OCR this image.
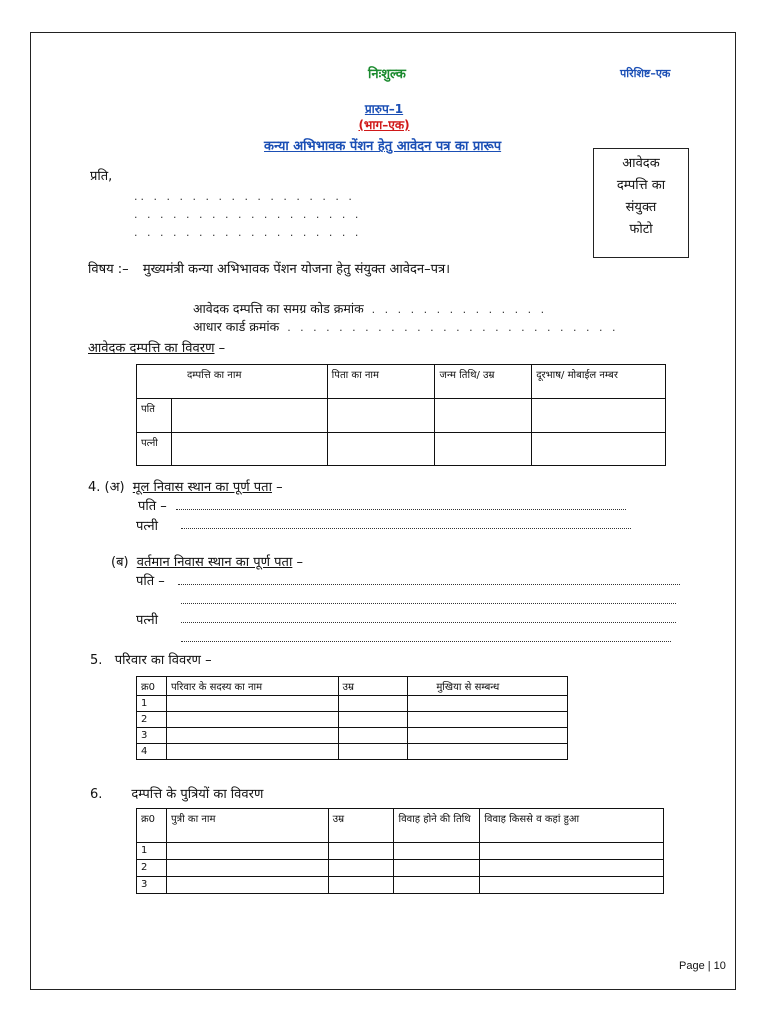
निःशुल्क	परिशिष्ट–एक
प्रारुप–1
(भाग–एक)
कन्या अभिभावक पेंशन हेतु आवेदन पत्र का प्रारूप
आवेदक
दम्पत्ति का
संयुक्त
फोटो
प्रति,
.. . . . . . . . . . . . . . . . .
. . . . . . . . . . . . . . . . . .
. . . . . . . . . . . . . . . . . .
विषय :– मुख्यमंत्री कन्या अभिभावक पेंशन योजना हेतु संयुक्त आवेदन–पत्र।
आवेदक दम्पत्ति का समग्र कोड क्रमांक . . . . . . . . . . . . . .
आधार कार्ड क्रमांक . . . . . . . . . . . . . . . . . . . . . . . . . .
आवेदक दम्पत्ति का विवरण –
दम्पत्ति का नाम		पिता का नाम	जन्म तिथि/ उम्र	दूरभाष/ मोबाईल नम्बर
पति				
पत्नी				
4. (अ) मूल निवास स्थान का पूर्ण पता –
पति –
पत्नी
(ब) वर्तमान निवास स्थान का पूर्ण पता –
पति –
पत्नी
5.   परिवार का विवरण –
क्र0	परिवार के सदस्य का नाम	उम्र	मुखिया से सम्बन्ध
1			
2			
3			
4			
6.       दम्पत्ति के पुत्रियों का विवरण
क्र0	पुत्री का नाम	उम्र	विवाह होने की तिथि	विवाह किससे व कहां हुआ
1				
2				
3				
Page | 10
